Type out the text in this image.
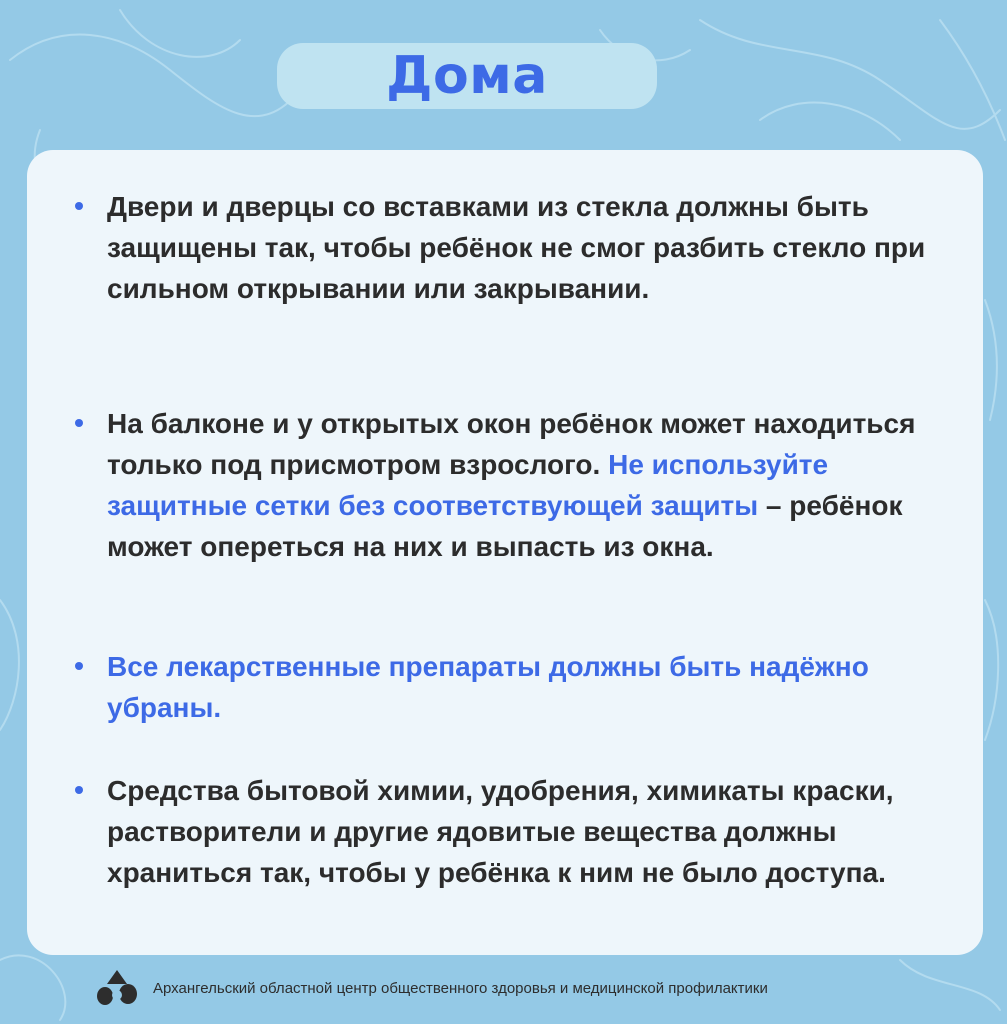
Дома
Двери и дверцы со вставками из стекла должны быть защищены так, чтобы ребёнок не смог разбить стекло при сильном открывании или закрывании.
На балконе и у открытых окон ребёнок может находиться только под присмотром взрослого. Не используйте защитные сетки без соответствующей защиты – ребёнок может опереться на них и выпасть из окна.
Все лекарственные препараты должны быть надёжно убраны.
Средства бытовой химии, удобрения, химикаты краски, растворители и другие ядовитые вещества должны храниться так, чтобы у ребёнка к ним не было доступа.
Архангельский областной центр общественного здоровья и медицинской профилактики
